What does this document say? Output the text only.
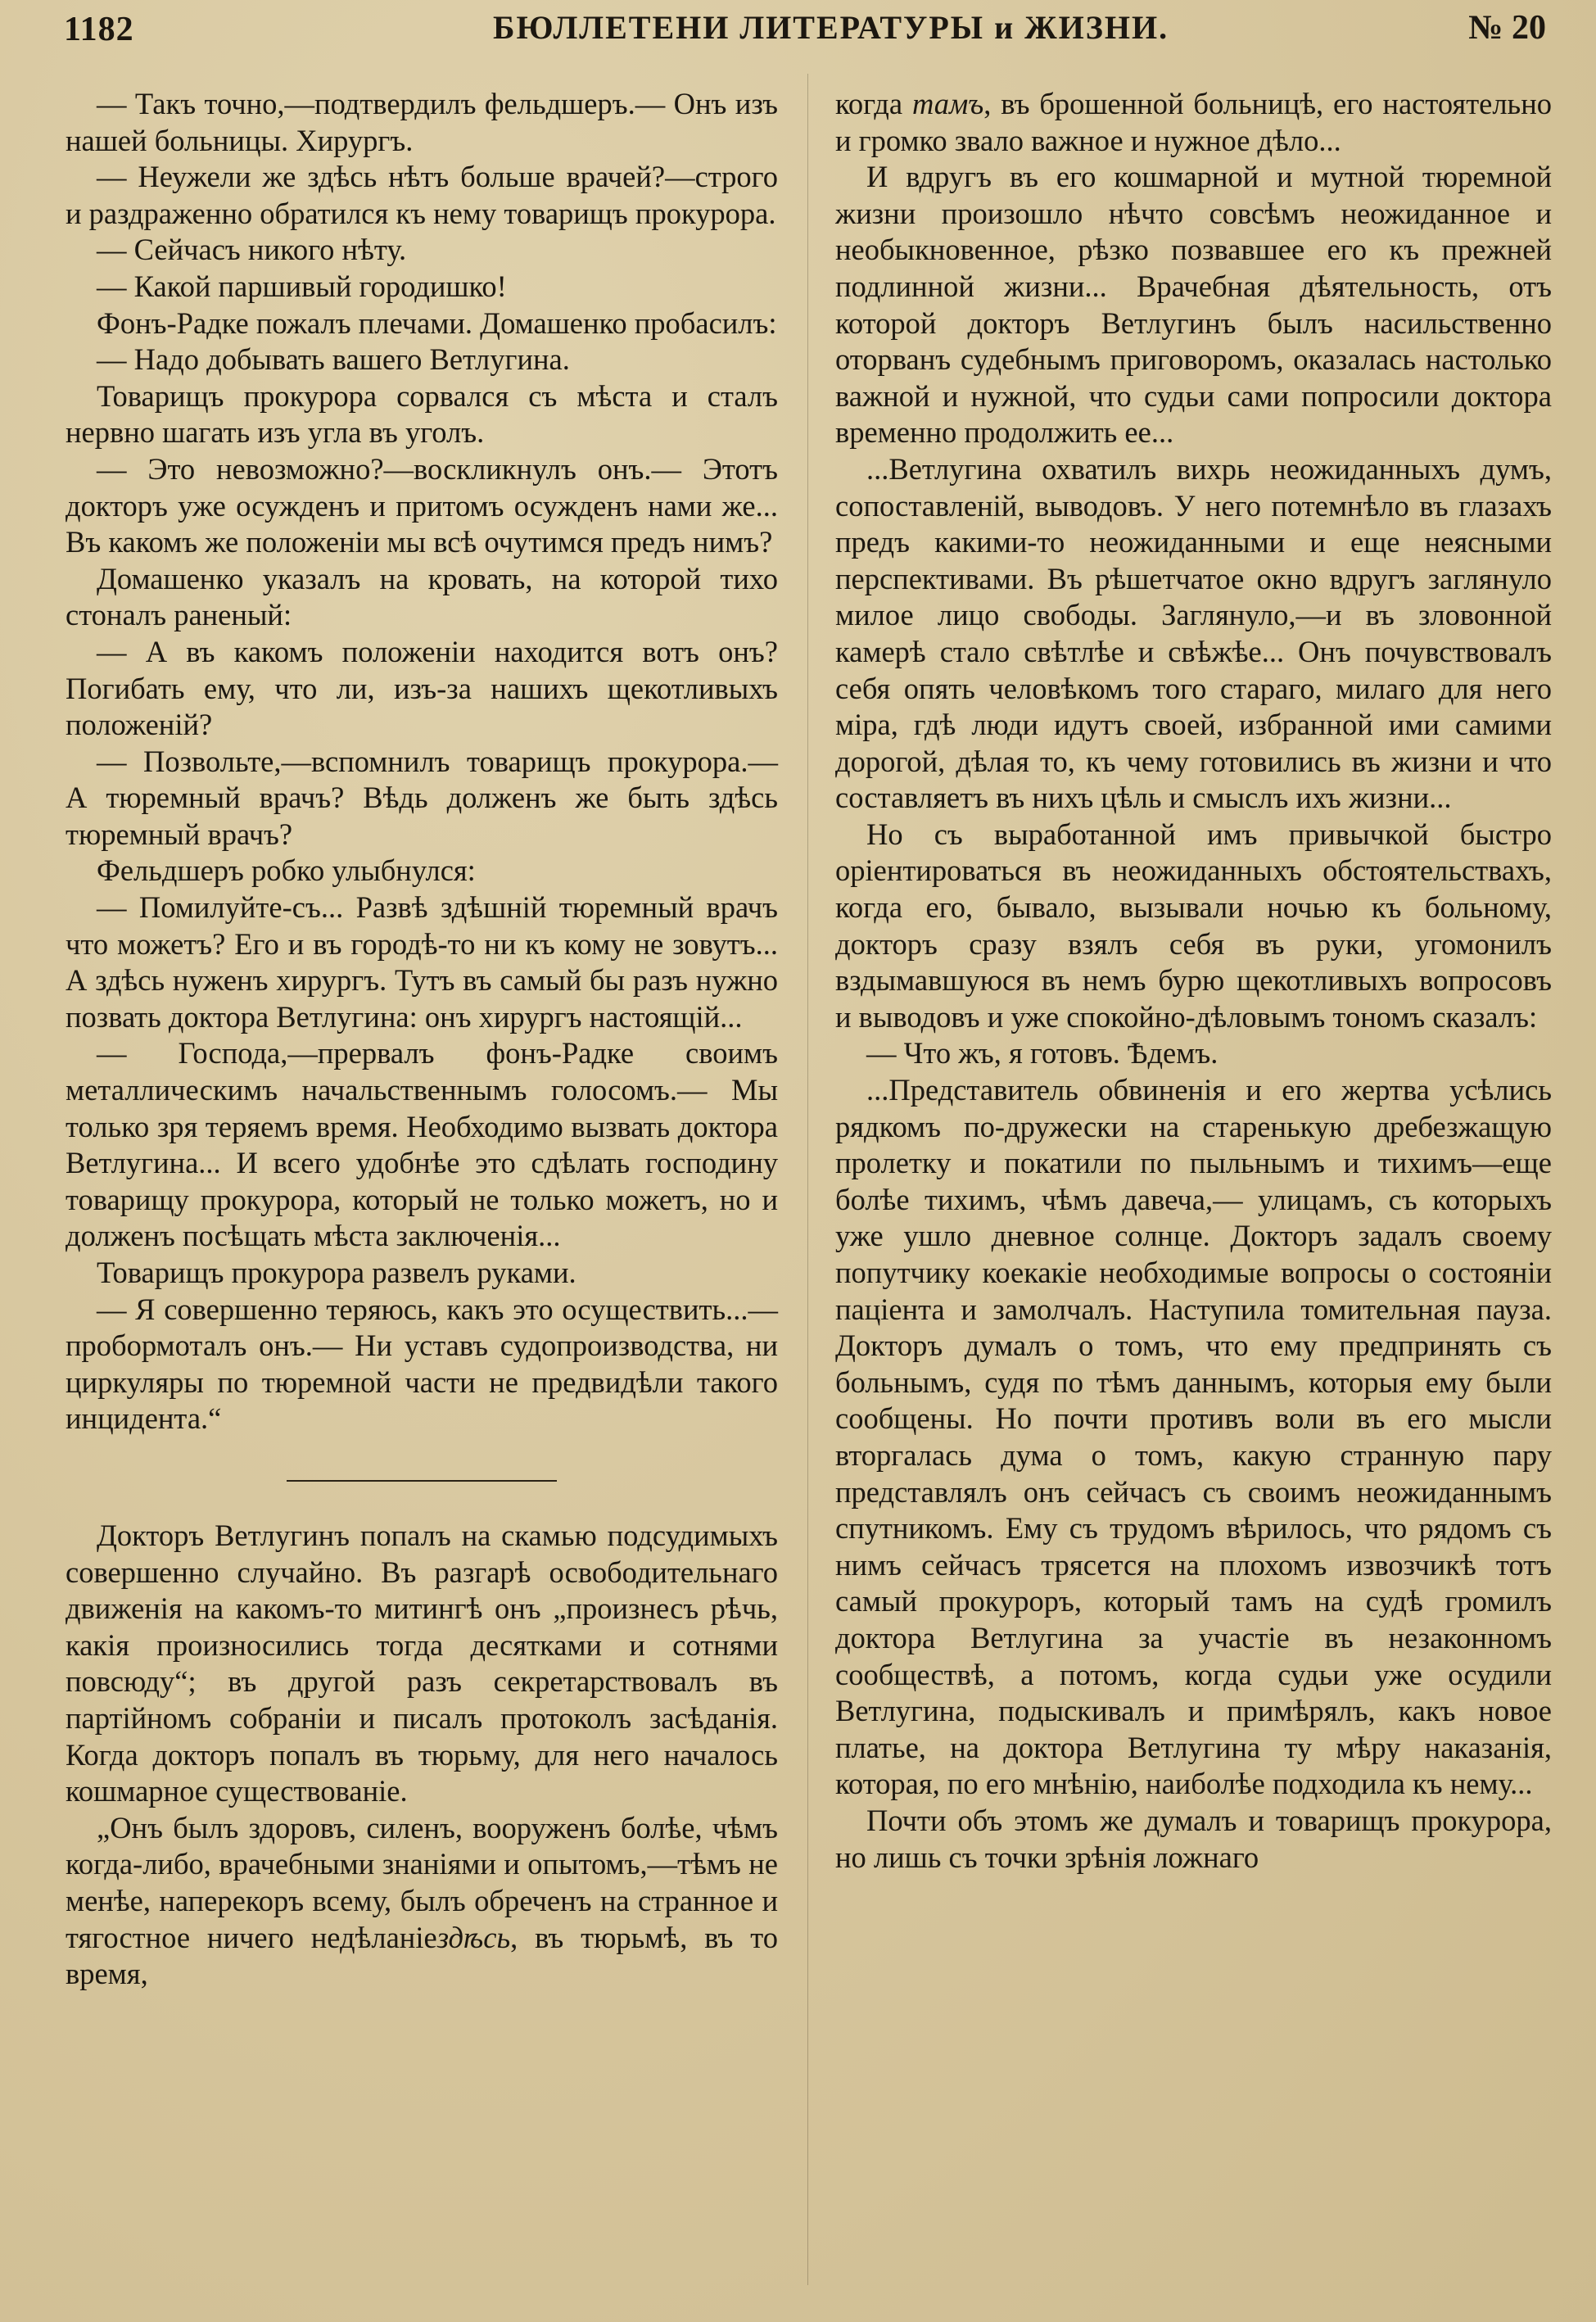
1182	БЮЛЛЕТЕНИ ЛИТЕРАТУРЫ и ЖИЗНИ.	№ 20

— Такъ точно,—подтвердилъ фельдшеръ.— Онъ изъ нашей больницы. Хирургъ.

— Неужели же здѣсь нѣтъ больше врачей?—строго и раздраженно обратился къ нему товарищъ прокурора.

— Сейчасъ никого нѣту.

— Какой паршивый городишко!

Фонъ-Радке пожалъ плечами. Домашенко пробасилъ:

— Надо добывать вашего Ветлугина.

Товарищъ прокурора сорвался съ мѣста и сталъ нервно шагать изъ угла въ уголъ.

— Это невозможно?—воскликнулъ онъ.— Этотъ докторъ уже осужденъ и притомъ осужденъ нами же... Въ какомъ же положеніи мы всѣ очутимся предъ нимъ?

Домашенко указалъ на кровать, на которой тихо стоналъ раненый:

— А въ какомъ положеніи находится вотъ онъ? Погибать ему, что ли, изъ-за нашихъ щекотливыхъ положеній?

— Позвольте,—вспомнилъ товарищъ прокурора.— А тюремный врачъ? Вѣдь долженъ же быть здѣсь тюремный врачъ?

Фельдшеръ робко улыбнулся:

— Помилуйте-съ... Развѣ здѣшній тюремный врачъ что можетъ? Его и въ городѣ-то ни къ кому не зовутъ... А здѣсь нуженъ хирургъ. Тутъ въ самый бы разъ нужно позвать доктора Ветлугина: онъ хирургъ настоящій...

— Господа,—прервалъ фонъ-Радке своимъ металлическимъ начальственнымъ голосомъ.— Мы только зря теряемъ время. Необходимо вызвать доктора Ветлугина... И всего удобнѣе это сдѣлать господину товарищу прокурора, который не только можетъ, но и долженъ посѣщать мѣста заключенія...

Товарищъ прокурора развелъ руками.

— Я совершенно теряюсь, какъ это осуществить...—пробормоталъ онъ.— Ни уставъ судопроизводства, ни циркуляры по тюремной части не предвидѣли такого инцидента.“

Докторъ Ветлугинъ попалъ на скамью подсудимыхъ совершенно случайно. Въ разгарѣ освободительнаго движенія на какомъ-то митингѣ онъ „произнесъ рѣчь, какія произносились тогда десятками и сотнями повсюду“; въ другой разъ секретарствовалъ въ партійномъ собраніи и писалъ протоколъ засѣданія. Когда докторъ попалъ въ тюрьму, для него началось кошмарное существованіе.

„Онъ былъ здоровъ, силенъ, вооруженъ болѣе, чѣмъ когда-либо, врачебными знаніями и опытомъ,—тѣмъ не менѣе, наперекоръ всему, былъ обреченъ на странное и тягостное ничего недѣланіездѣсь, въ тюрьмѣ, въ то время,

когда тамъ, въ брошенной больницѣ, его настоятельно и громко звало важное и нужное дѣло...

И вдругъ въ его кошмарной и мутной тюремной жизни произошло нѣчто совсѣмъ неожиданное и необыкновенное, рѣзко позвавшее его къ прежней подлинной жизни... Врачебная дѣятельность, отъ которой докторъ Ветлугинъ былъ насильственно оторванъ судебнымъ приговоромъ, оказалась настолько важной и нужной, что судьи сами попросили доктора временно продолжить ее...

...Ветлугина охватилъ вихрь неожиданныхъ думъ, сопоставленій, выводовъ. У него потемнѣло въ глазахъ предъ какими-то неожиданными и еще неясными перспективами. Въ рѣшетчатое окно вдругъ заглянуло милое лицо свободы. Заглянуло,—и въ зловонной камерѣ стало свѣтлѣе и свѣжѣе... Онъ почувствовалъ себя опять человѣкомъ того стараго, милаго для него міра, гдѣ люди идутъ своей, избранной ими самими дорогой, дѣлая то, къ чему готовились въ жизни и что составляетъ въ нихъ цѣль и смыслъ ихъ жизни...

Но съ выработанной имъ привычкой быстро оріентироваться въ неожиданныхъ обстоятельствахъ, когда его, бывало, вызывали ночью къ больному, докторъ сразу взялъ себя въ руки, угомонилъ вздымавшуюся въ немъ бурю щекотливыхъ вопросовъ и выводовъ и уже спокойно-дѣловымъ тономъ сказалъ:

— Что жъ, я готовъ. Ѣдемъ.

...Представитель обвиненія и его жертва усѣлись рядкомъ по-дружески на старенькую дребезжащую пролетку и покатили по пыльнымъ и тихимъ—еще болѣе тихимъ, чѣмъ давеча,— улицамъ, съ которыхъ уже ушло дневное солнце. Докторъ задалъ своему попутчику коекакіе необходимые вопросы о состояніи паціента и замолчалъ. Наступила томительная пауза. Докторъ думалъ о томъ, что ему предпринять съ больнымъ, судя по тѣмъ даннымъ, которыя ему были сообщены. Но почти противъ воли въ его мысли вторгалась дума о томъ, какую странную пару представлялъ онъ сейчасъ съ своимъ неожиданнымъ спутникомъ. Ему съ трудомъ вѣрилось, что рядомъ съ нимъ сейчасъ трясется на плохомъ извозчикѣ тотъ самый прокуроръ, который тамъ на судѣ громилъ доктора Ветлугина за участіе въ незаконномъ сообществѣ, а потомъ, когда судьи уже осудили Ветлугина, подыскивалъ и примѣрялъ, какъ новое платье, на доктора Ветлугина ту мѣру наказанія, которая, по его мнѣнію, наиболѣе подходила къ нему...

Почти объ этомъ же думалъ и товарищъ прокурора, но лишь съ точки зрѣнія ложнаго
